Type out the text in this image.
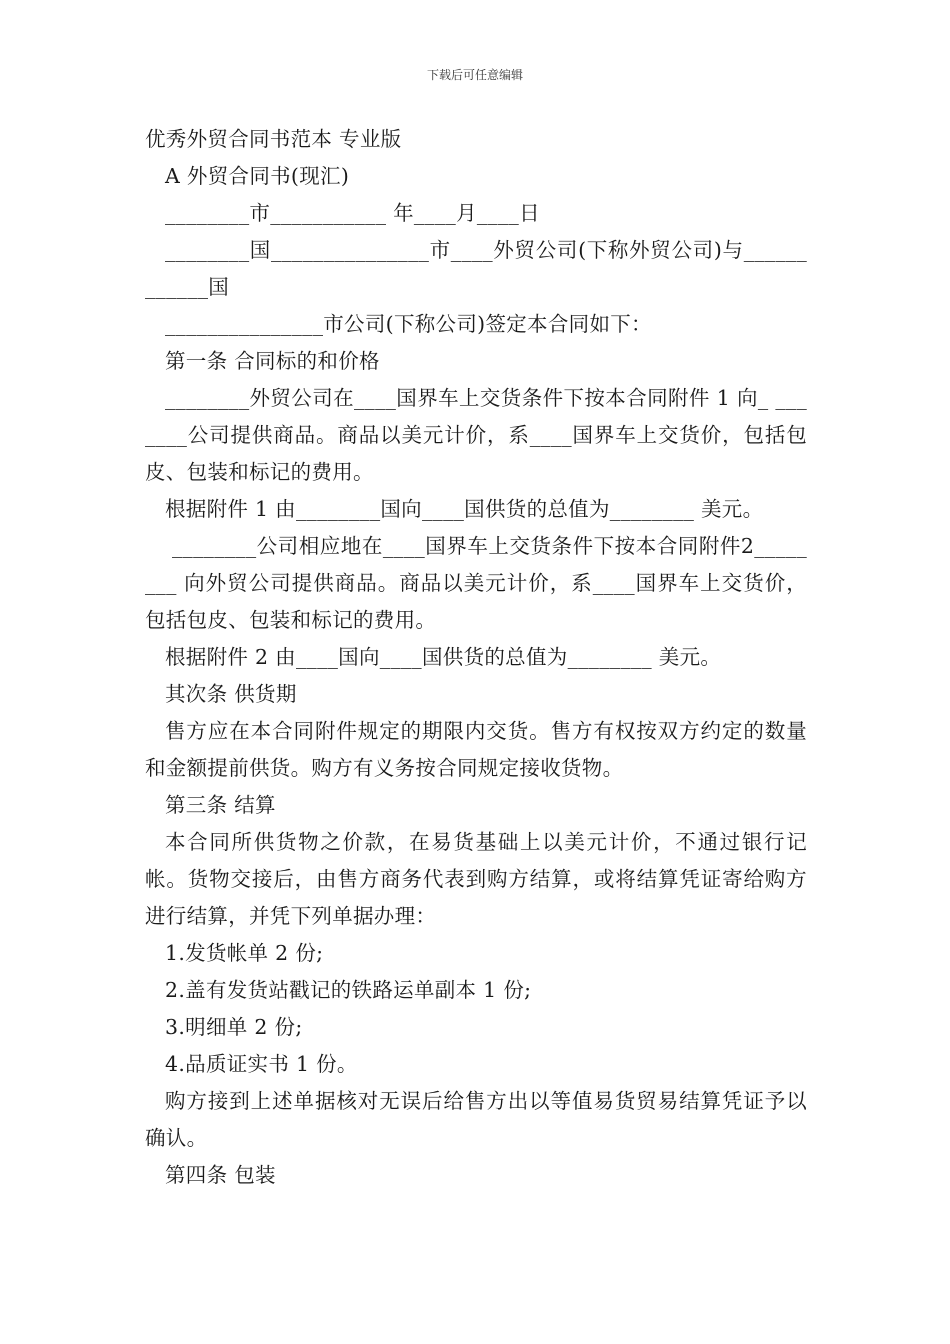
下载后可任意编辑

优秀外贸合同书范本 专业版

A 外贸合同书(现汇)

________市___________ 年____月____日

________国_______________市____外贸公司(下称外贸公司)与____________国

_______________市公司(下称公司)签定本合同如下：

第一条 合同标的和价格

________外贸公司在____国界车上交货条件下按本合同附件 1 向_ _______公司提供商品。商品以美元计价，系____国界车上交货价，包括包皮、包装和标记的费用。

根据附件 1 由________国向____国供货的总值为________ 美元。

________公司相应地在____国界车上交货条件下按本合同附件2________ 向外贸公司提供商品。商品以美元计价，系____国界车上交货价，包括包皮、包装和标记的费用。

根据附件 2 由____国向____国供货的总值为________ 美元。

其次条 供货期

售方应在本合同附件规定的期限内交货。售方有权按双方约定的数量和金额提前供货。购方有义务按合同规定接收货物。

第三条 结算

本合同所供货物之价款，在易货基础上以美元计价，不通过银行记帐。货物交接后，由售方商务代表到购方结算，或将结算凭证寄给购方进行结算，并凭下列单据办理：

1.发货帐单 2 份;

2.盖有发货站戳记的铁路运单副本 1 份;

3.明细单 2 份;

4.品质证实书 1 份。

购方接到上述单据核对无误后给售方出以等值易货贸易结算凭证予以确认。

第四条 包装
